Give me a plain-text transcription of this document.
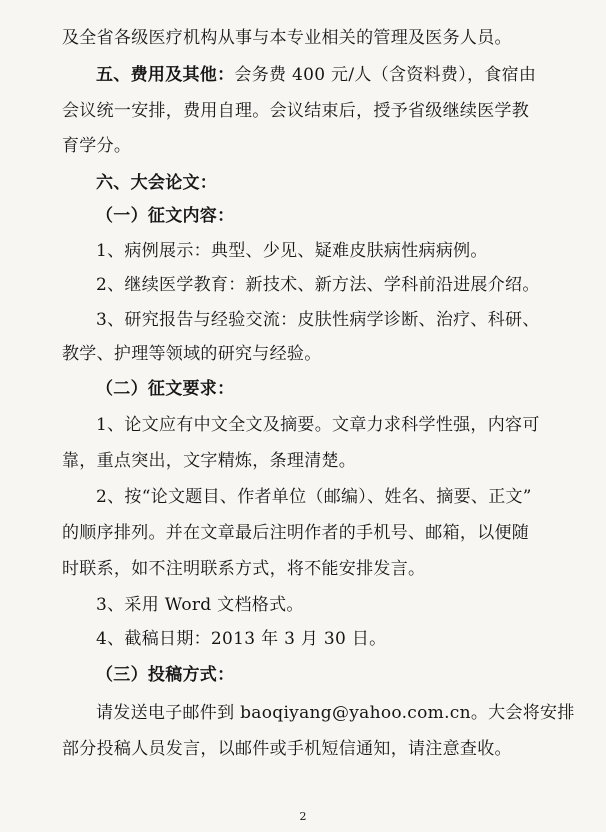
及全省各级医疗机构从事与本专业相关的管理及医务人员。
五、费用及其他：会务费 400 元/人（含资料费），食宿由
会议统一安排，费用自理。会议结束后，授予省级继续医学教
育学分。
六、大会论文：
（一）征文内容：
1、病例展示：典型、少见、疑难皮肤病性病病例。
2、继续医学教育：新技术、新方法、学科前沿进展介绍。
3、研究报告与经验交流：皮肤性病学诊断、治疗、科研、
教学、护理等领域的研究与经验。
（二）征文要求：
1、论文应有中文全文及摘要。文章力求科学性强，内容可
靠，重点突出，文字精炼，条理清楚。
2、按“论文题目、作者单位（邮编）、姓名、摘要、正文”
的顺序排列。并在文章最后注明作者的手机号、邮箱，以便随
时联系，如不注明联系方式，将不能安排发言。
3、采用 Word 文档格式。
4、截稿日期：2013 年 3 月 30 日。
（三）投稿方式：
请发送电子邮件到 baoqiyang@yahoo.com.cn。大会将安排
部分投稿人员发言，以邮件或手机短信通知，请注意查收。
2
